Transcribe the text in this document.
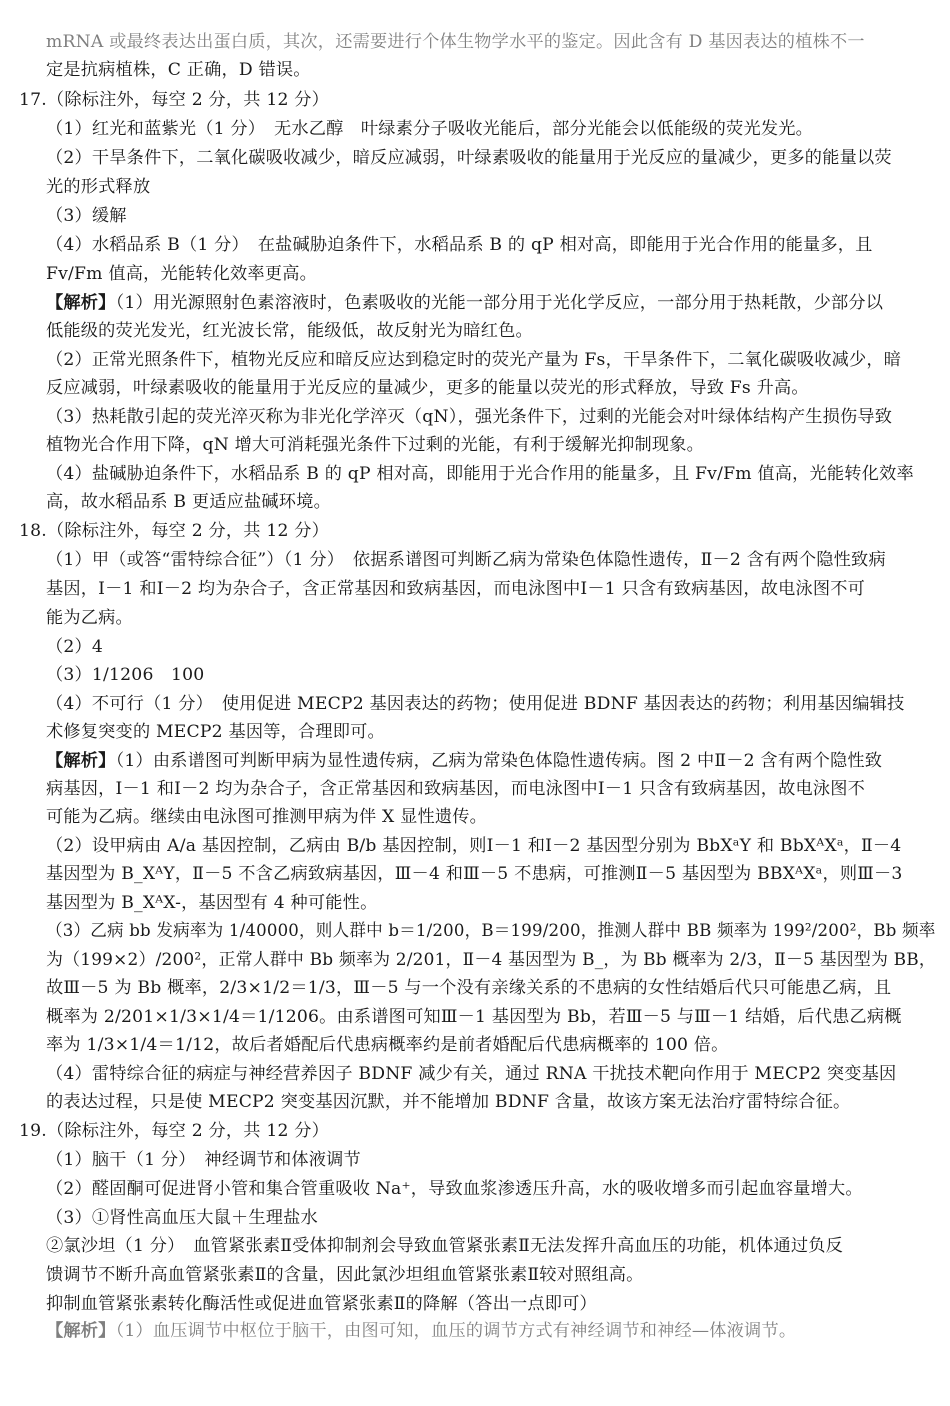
mRNA 或最终表达出蛋白质，其次，还需要进行个体生物学水平的鉴定。因此含有 D 基因表达的植株不一
定是抗病植株，C 正确，D 错误。
17.（除标注外，每空 2 分，共 12 分）
（1）红光和蓝紫光（1 分）　无水乙醇　叶绿素分子吸收光能后，部分光能会以低能级的荧光发光。
（2）干旱条件下，二氧化碳吸收减少，暗反应减弱，叶绿素吸收的能量用于光反应的量减少，更多的能量以荧
光的形式释放
（3）缓解
（4）水稻品系 B（1 分）　在盐碱胁迫条件下，水稻品系 B 的 qP 相对高，即能用于光合作用的能量多，且
Fv/Fm 值高，光能转化效率更高。
【解析】（1）用光源照射色素溶液时，色素吸收的光能一部分用于光化学反应，一部分用于热耗散，少部分以
低能级的荧光发光，红光波长常，能级低，故反射光为暗红色。
（2）正常光照条件下，植物光反应和暗反应达到稳定时的荧光产量为 Fs，干旱条件下，二氧化碳吸收减少，暗
反应减弱，叶绿素吸收的能量用于光反应的量减少，更多的能量以荧光的形式释放，导致 Fs 升高。
（3）热耗散引起的荧光淬灭称为非光化学淬灭（qN），强光条件下，过剩的光能会对叶绿体结构产生损伤导致
植物光合作用下降，qN 增大可消耗强光条件下过剩的光能，有利于缓解光抑制现象。
（4）盐碱胁迫条件下，水稻品系 B 的 qP 相对高，即能用于光合作用的能量多，且 Fv/Fm 值高，光能转化效率
高，故水稻品系 B 更适应盐碱环境。
18.（除标注外，每空 2 分，共 12 分）
（1）甲（或答“雷特综合征”）（1 分）　依据系谱图可判断乙病为常染色体隐性遗传，Ⅱ－2 含有两个隐性致病
基因，Ⅰ－1 和Ⅰ－2 均为杂合子，含正常基因和致病基因，而电泳图中Ⅰ－1 只含有致病基因，故电泳图不可
能为乙病。
（2）4
（3）1/1206　100
（4）不可行（1 分）　使用促进 MECP2 基因表达的药物；使用促进 BDNF 基因表达的药物；利用基因编辑技
术修复突变的 MECP2 基因等，合理即可。
【解析】（1）由系谱图可判断甲病为显性遗传病，乙病为常染色体隐性遗传病。图 2 中Ⅱ－2 含有两个隐性致
病基因，Ⅰ－1 和Ⅰ－2 均为杂合子，含正常基因和致病基因，而电泳图中Ⅰ－1 只含有致病基因，故电泳图不
可能为乙病。继续由电泳图可推测甲病为伴 X 显性遗传。
（2）设甲病由 A/a 基因控制，乙病由 B/b 基因控制，则Ⅰ－1 和Ⅰ－2 基因型分别为 BbXᵃY 和 BbXᴬXᵃ，Ⅱ－4
基因型为 B_XᴬY，Ⅱ－5 不含乙病致病基因，Ⅲ－4 和Ⅲ－5 不患病，可推测Ⅱ－5 基因型为 BBXᴬXᵃ，则Ⅲ－3
基因型为 B_XᴬX-，基因型有 4 种可能性。
（3）乙病 bb 发病率为 1/40000，则人群中 b＝1/200，B＝199/200，推测人群中 BB 频率为 199²/200²，Bb 频率
为（199×2）/200²，正常人群中 Bb 频率为 2/201，Ⅱ－4 基因型为 B_，为 Bb 概率为 2/3，Ⅱ－5 基因型为 BB，
故Ⅲ－5 为 Bb 概率，2/3×1/2＝1/3，Ⅲ－5 与一个没有亲缘关系的不患病的女性结婚后代只可能患乙病，且
概率为 2/201×1/3×1/4＝1/1206。由系谱图可知Ⅲ－1 基因型为 Bb，若Ⅲ－5 与Ⅲ－1 结婚，后代患乙病概
率为 1/3×1/4＝1/12，故后者婚配后代患病概率约是前者婚配后代患病概率的 100 倍。
（4）雷特综合征的病症与神经营养因子 BDNF 减少有关，通过 RNA 干扰技术靶向作用于 MECP2 突变基因
的表达过程，只是使 MECP2 突变基因沉默，并不能增加 BDNF 含量，故该方案无法治疗雷特综合征。
19.（除标注外，每空 2 分，共 12 分）
（1）脑干（1 分）　神经调节和体液调节
（2）醛固酮可促进肾小管和集合管重吸收 Na⁺，导致血浆渗透压升高，水的吸收增多而引起血容量增大。
（3）①肾性高血压大鼠＋生理盐水
②氯沙坦（1 分）　血管紧张素Ⅱ受体抑制剂会导致血管紧张素Ⅱ无法发挥升高血压的功能，机体通过负反
馈调节不断升高血管紧张素Ⅱ的含量，因此氯沙坦组血管紧张素Ⅱ较对照组高。
抑制血管紧张素转化酶活性或促进血管紧张素Ⅱ的降解（答出一点即可）
【解析】（1）血压调节中枢位于脑干，由图可知，血压的调节方式有神经调节和神经—体液调节。
